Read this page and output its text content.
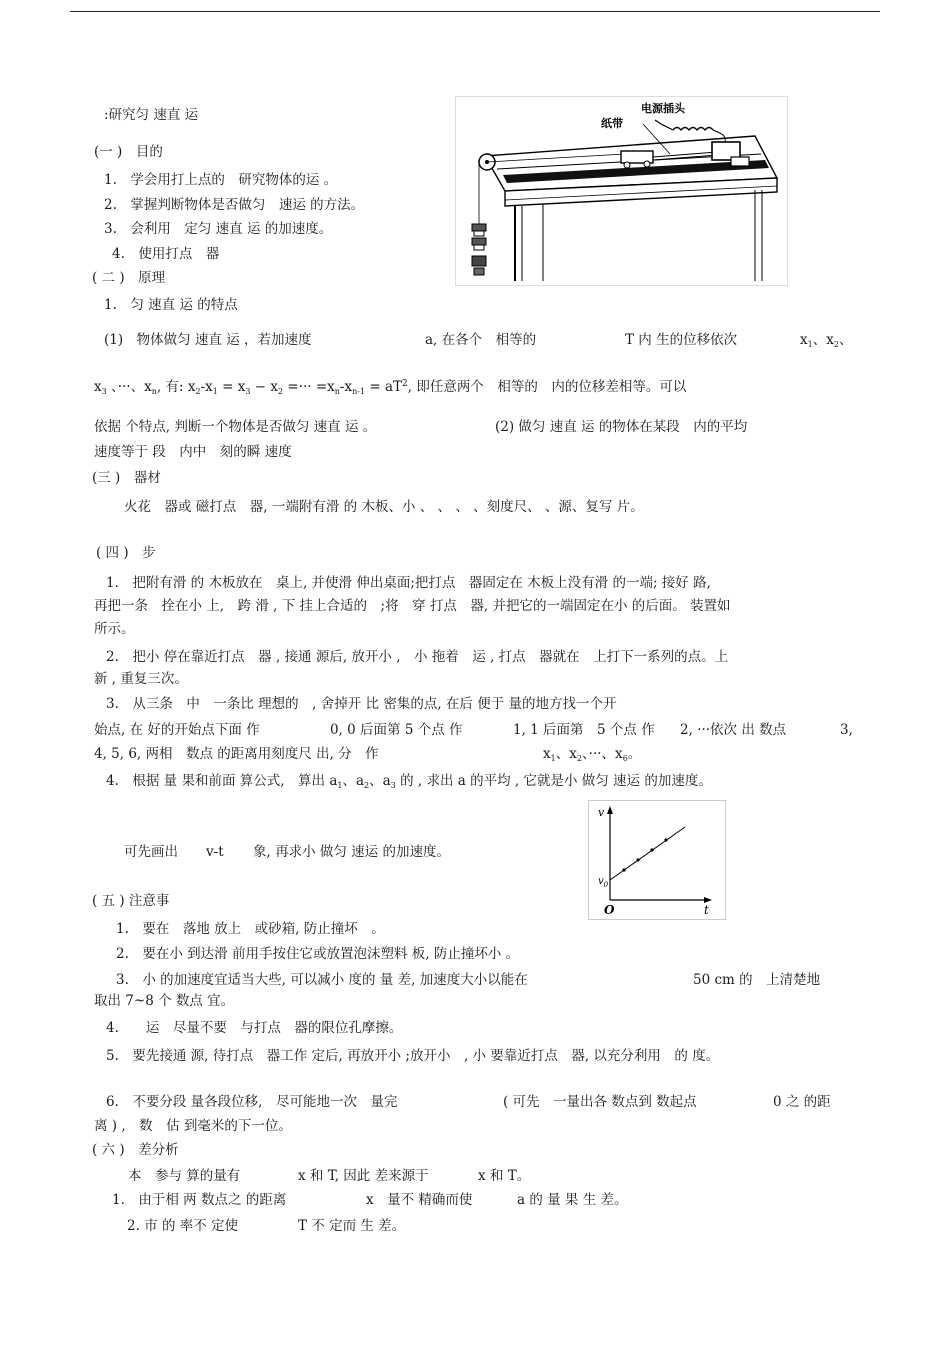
:研究匀 速直 运
(一 )　目的
1.　学会用打上点的　研究物体的运 。
2.　掌握判断物体是否做匀　速运 的方法。
3.　会利用　定匀 速直 运 的加速度。
4.　使用打点　器
( 二 )　原理
1.　匀 速直 运 的特点
(1)　物体做匀 速直 运 ，若加速度	a, 在各个　相等的	T 内 生的位移依次	$x_1$、$x_2$、
$x_3$ 、···、$x_n$, 有: $x_2-x_1 = x_3 - x_2$ =··· $=x_n-x_{n-1} = aT^2$, 即任意两个　相等的　内的位移差相等。可以
依据 个特点, 判断一个物体是否做匀 速直 运 。	(2) 做匀 速直 运 的物体在某段　内的平均
速度等于 段　内中　刻的瞬 速度
(三 )　器材
火花　器或 磁打点　器, 一端附有滑 的 木板、小 、 、 、 、刻度尺、 、源、复写 片。
( 四 )　步
1.　把附有滑 的 木板放在　桌上, 并使滑 伸出桌面;把打点　器固定在 木板上没有滑 的一端; 接好 路,
再把一条　拴在小 上,　跨 滑 , 下 挂上合适的　;将　穿 打点　器, 并把它的一端固定在小 的后面。 装置如
所示。
2.　把小 停在靠近打点　器 , 接通 源后, 放开小 ,　小 拖着　运 , 打点　器就在　上打下一系列的点。上
新 , 重复三次。
3.　从三条　中　一条比 理想的　, 舍掉开 比 密集的点, 在后 便于 量的地方找一个开
始点, 在 好的开始点下面 作	0, 0 后面第 5 个点 作	1, 1 后面第　5 个点 作 2, ···依次 出 数点	3,
4, 5, 6, 两相　数点 的距离用刻度尺 出, 分　作	$x_1$、$x_2$、···、$x_6$。
4.　根据 量 果和前面 算公式,　算出 $a_1$、$a_2$、$a_3$ 的 , 求出 a 的平均 , 它就是小 做匀 速运 的加速度。
可先画出 v-t 象, 再求小 做匀 速运 的加速度。
( 五 ) 注意事
1.　要在　落地 放上　或砂箱, 防止撞坏　。
2.　要在小 到达滑 前用手按住它或放置泡沫塑料 板, 防止撞坏小 。
3.　小 的加速度宜适当大些, 可以减小 度的 量 差, 加速度大小以能在	50 cm 的　上清楚地
取出 7~8 个 数点 宜。
4.　　运　尽量不要　与打点　器的限位孔摩擦。
5.　要先接通 源, 待打点　器工作 定后, 再放开小 ;放开小　, 小 要靠近打点　器, 以充分利用　的 度。
6.　不要分段 量各段位移,　尽可能地一次　量完	( 可先　一量出各 数点到 数起点	0 之 的距
离 ) ,　数　估 到毫米的下一位。
( 六 )　差分析
本　参与 算的量有	x 和 T, 因此 差来源于	x 和 T。
1.　由于相 两 数点之 的距离	x　量不 精确而使	a 的 量 果 生 差。
2. 市 的 率不 定使	T 不 定而 生 差。
电源插头
纸带
v
$v_0$
O	t
